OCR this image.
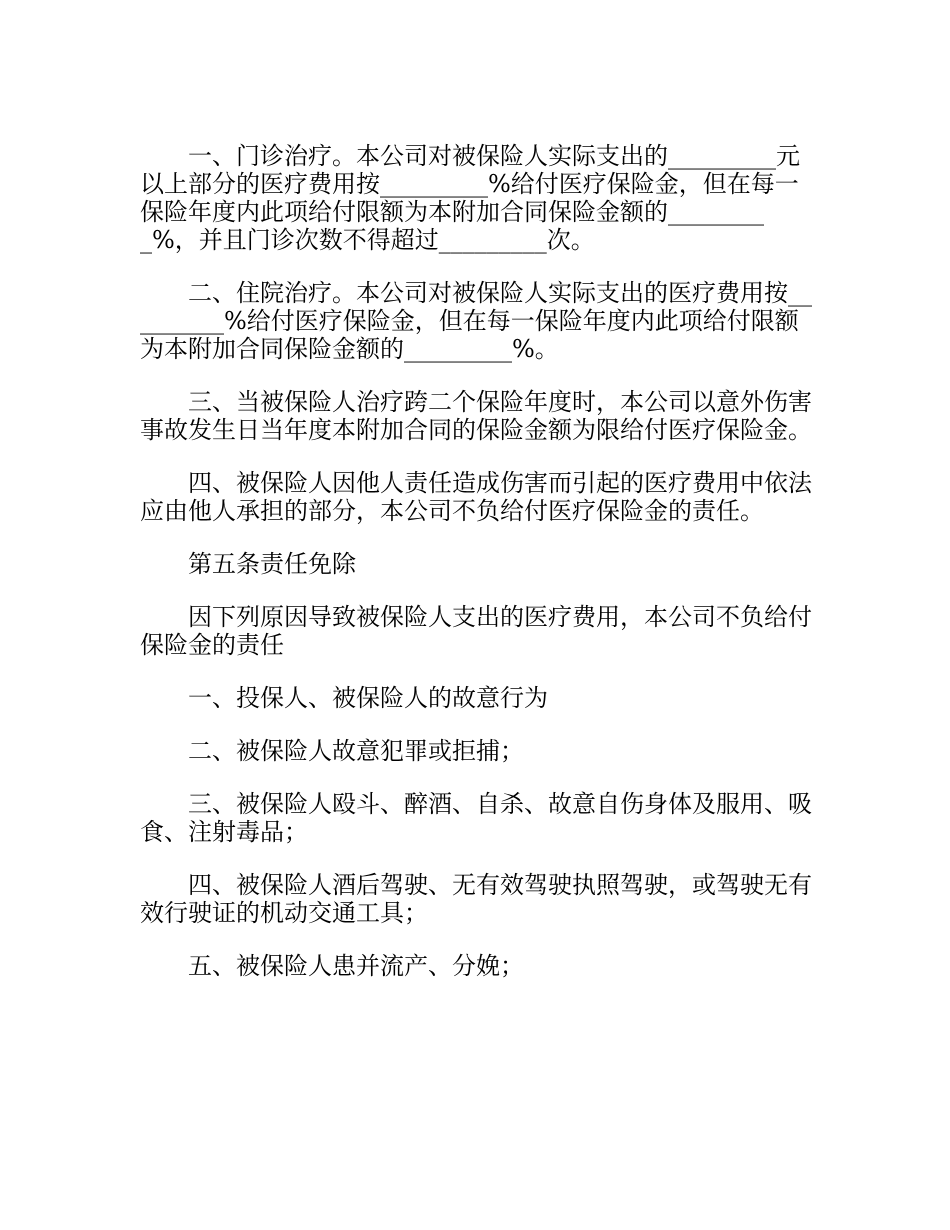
一、门诊治疗。本公司对被保险人实际支出的_________元以上部分的医疗费用按_________%给付医疗保险金，但在每一保险年度内此项给付限额为本附加合同保险金额的_________%，并且门诊次数不得超过_________次。

二、住院治疗。本公司对被保险人实际支出的医疗费用按_________%给付医疗保险金，但在每一保险年度内此项给付限额为本附加合同保险金额的_________%。

三、当被保险人治疗跨二个保险年度时，本公司以意外伤害事故发生日当年度本附加合同的保险金额为限给付医疗保险金。

四、被保险人因他人责任造成伤害而引起的医疗费用中依法应由他人承担的部分，本公司不负给付医疗保险金的责任。

第五条责任免除

因下列原因导致被保险人支出的医疗费用，本公司不负给付保险金的责任

一、投保人、被保险人的故意行为

二、被保险人故意犯罪或拒捕；

三、被保险人殴斗、醉酒、自杀、故意自伤身体及服用、吸食、注射毒品；

四、被保险人酒后驾驶、无有效驾驶执照驾驶，或驾驶无有效行驶证的机动交通工具；

五、被保险人患并流产、分娩；
